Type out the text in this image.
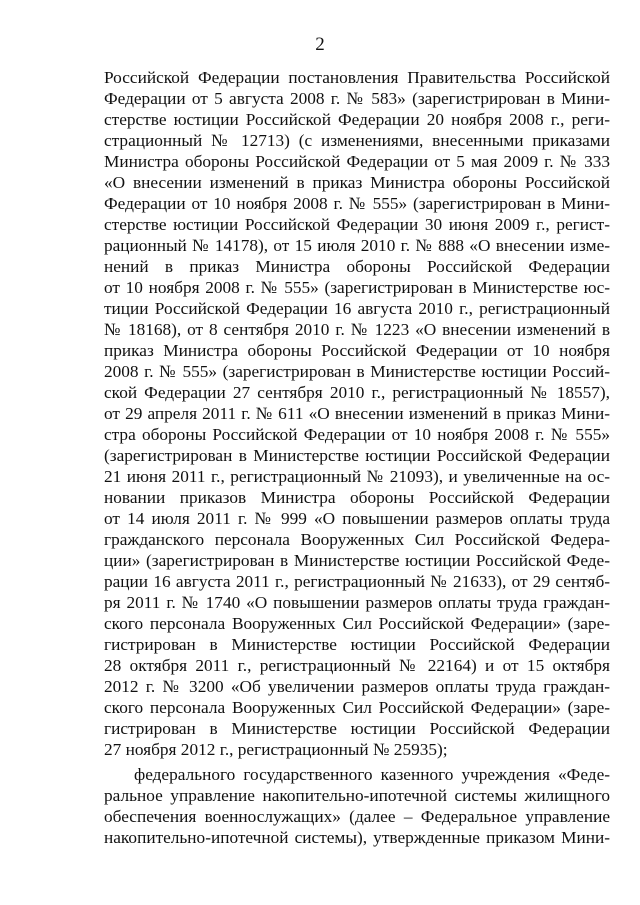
2
Российской Федерации постановления Правительства Российской
Федерации от 5 августа 2008 г. № 583» (зарегистрирован в Мини-
стерстве юстиции Российской Федерации 20 ноября 2008 г., реги-
страционный № 12713) (с изменениями, внесенными приказами
Министра обороны Российской Федерации от 5 мая 2009 г. № 333
«О внесении изменений в приказ Министра обороны Российской
Федерации от 10 ноября 2008 г. № 555» (зарегистрирован в Мини-
стерстве юстиции Российской Федерации 30 июня 2009 г., регист-
рационный № 14178), от 15 июля 2010 г. № 888 «О внесении изме-
нений в приказ Министра обороны Российской Федерации
от 10 ноября 2008 г. № 555» (зарегистрирован в Министерстве юс-
тиции Российской Федерации 16 августа 2010 г., регистрационный
№ 18168), от 8 сентября 2010 г. № 1223 «О внесении изменений в
приказ Министра обороны Российской Федерации от 10 ноября
2008 г. № 555» (зарегистрирован в Министерстве юстиции Россий-
ской Федерации 27 сентября 2010 г., регистрационный № 18557),
от 29 апреля 2011 г. № 611 «О внесении изменений в приказ Мини-
стра обороны Российской Федерации от 10 ноября 2008 г. № 555»
(зарегистрирован в Министерстве юстиции Российской Федерации
21 июня 2011 г., регистрационный № 21093), и увеличенные на ос-
новании приказов Министра обороны Российской Федерации
от 14 июля 2011 г. № 999 «О повышении размеров оплаты труда
гражданского персонала Вооруженных Сил Российской Федера-
ции» (зарегистрирован в Министерстве юстиции Российской Феде-
рации 16 августа 2011 г., регистрационный № 21633), от 29 сентяб-
ря 2011 г. № 1740 «О повышении размеров оплаты труда граждан-
ского персонала Вооруженных Сил Российской Федерации» (заре-
гистрирован в Министерстве юстиции Российской Федерации
28 октября 2011 г., регистрационный № 22164) и от 15 октября
2012 г. № 3200 «Об увеличении размеров оплаты труда граждан-
ского персонала Вооруженных Сил Российской Федерации» (заре-
гистрирован в Министерстве юстиции Российской Федерации
27 ноября 2012 г., регистрационный № 25935);
федерального государственного казенного учреждения «Феде-
ральное управление накопительно-ипотечной системы жилищного
обеспечения военнослужащих» (далее – Федеральное управление
накопительно-ипотечной системы), утвержденные приказом Мини-
